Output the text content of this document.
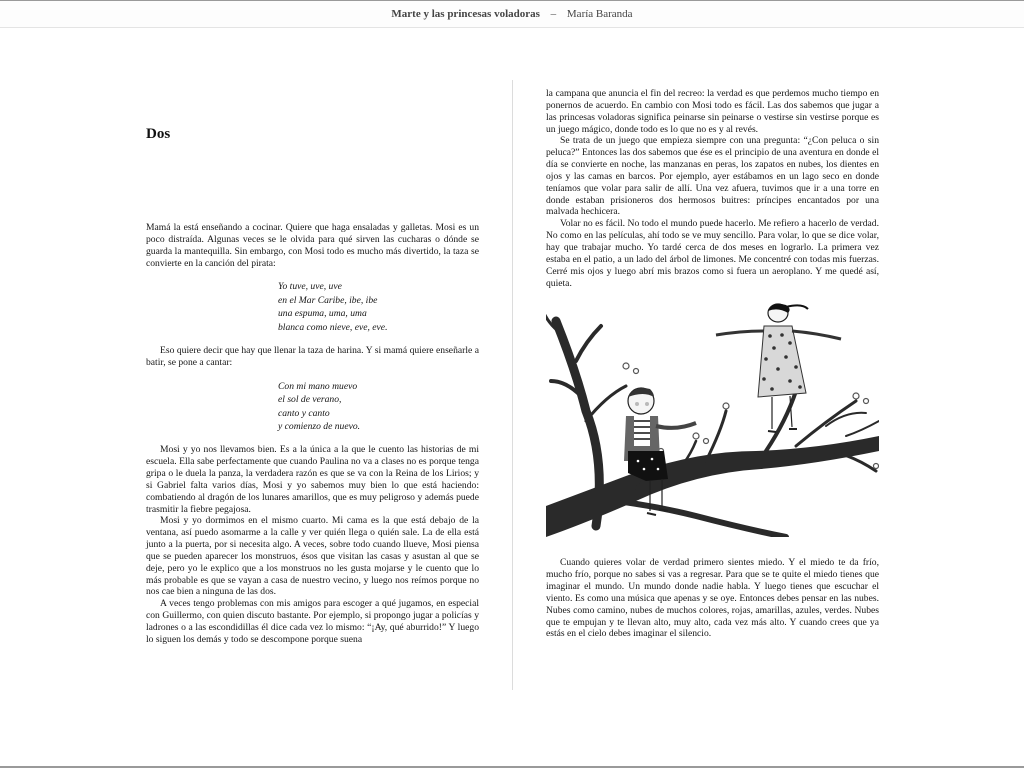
Marte y las princesas voladoras – María Baranda
Dos

Mamá la está enseñando a cocinar. Quiere que haga ensaladas y galletas. Mosi es un poco distraída. Algunas veces se le olvida para qué sirven las cucharas o dónde se guarda la mantequilla. Sin embargo, con Mosi todo es mucho más divertido, la taza se convierte en la canción del pirata:

Yo tuve, uve, uve
en el Mar Caribe, ibe, ibe
una espuma, uma, uma
blanca como nieve, eve, eve.

Eso quiere decir que hay que llenar la taza de harina. Y si mamá quiere enseñarle a batir, se pone a cantar:

Con mi mano muevo
el sol de verano,
canto y canto
y comienzo de nuevo.

Mosi y yo nos llevamos bien. Es a la única a la que le cuento las historias de mi escuela. Ella sabe perfectamente que cuando Paulina no va a clases no es porque tenga gripa o le duela la panza, la verdadera razón es que se va con la Reina de los Lirios; y si Gabriel falta varios días, Mosi y yo sabemos muy bien lo que está haciendo: combatiendo al dragón de los lunares amarillos, que es muy peligroso y además puede trasmitir la fiebre pegajosa.

Mosi y yo dormimos en el mismo cuarto. Mi cama es la que está debajo de la ventana, así puedo asomarme a la calle y ver quién llega o quién sale. La de ella está junto a la puerta, por si necesita algo. A veces, sobre todo cuando llueve, Mosi piensa que se pueden aparecer los monstruos, ésos que visitan las casas y asustan al que se deje, pero yo le explico que a los monstruos no les gusta mojarse y le cuento que lo más probable es que se vayan a casa de nuestro vecino, y luego nos reímos porque no nos cae bien a ninguna de las dos.

A veces tengo problemas con mis amigos para escoger a qué jugamos, en especial con Guillermo, con quien discuto bastante. Por ejemplo, si propongo jugar a policías y ladrones o a las escondidillas él dice cada vez lo mismo: “¡Ay, qué aburrido!” Y luego lo siguen los demás y todo se descompone porque suena

la campana que anuncia el fin del recreo: la verdad es que perdemos mucho tiempo en ponernos de acuerdo. En cambio con Mosi todo es fácil. Las dos sabemos que jugar a las princesas voladoras significa peinarse sin peinarse o vestirse sin vestirse porque es un juego mágico, donde todo es lo que no es y al revés.

Se trata de un juego que empieza siempre con una pregunta: “¿Con peluca o sin peluca?” Entonces las dos sabemos que ése es el principio de una aventura en donde el día se convierte en noche, las manzanas en peras, los zapatos en nubes, los dientes en ojos y las camas en barcos. Por ejemplo, ayer estábamos en un lago seco en donde teníamos que volar para salir de allí. Una vez afuera, tuvimos que ir a una torre en donde estaban prisioneros dos hermosos buitres: príncipes encantados por una malvada hechicera.

Volar no es fácil. No todo el mundo puede hacerlo. Me refiero a hacerlo de verdad. No como en las películas, ahí todo se ve muy sencillo. Para volar, lo que se dice volar, hay que trabajar mucho. Yo tardé cerca de dos meses en lograrlo. La primera vez estaba en el patio, a un lado del árbol de limones. Me concentré con todas mis fuerzas. Cerré mis ojos y luego abrí mis brazos como si fuera un aeroplano. Y me quedé así, quieta.

Cuando quieres volar de verdad primero sientes miedo. Y el miedo te da frío, mucho frío, porque no sabes si vas a regresar. Para que se te quite el miedo tienes que imaginar el mundo. Un mundo donde nadie habla. Y luego tienes que escuchar el viento. Es como una música que apenas y se oye. Entonces debes pensar en las nubes. Nubes como camino, nubes de muchos colores, rojas, amarillas, azules, verdes. Nubes que te empujan y te llevan alto, muy alto, cada vez más alto. Y cuando crees que ya estás en el cielo debes imaginar el silencio.
